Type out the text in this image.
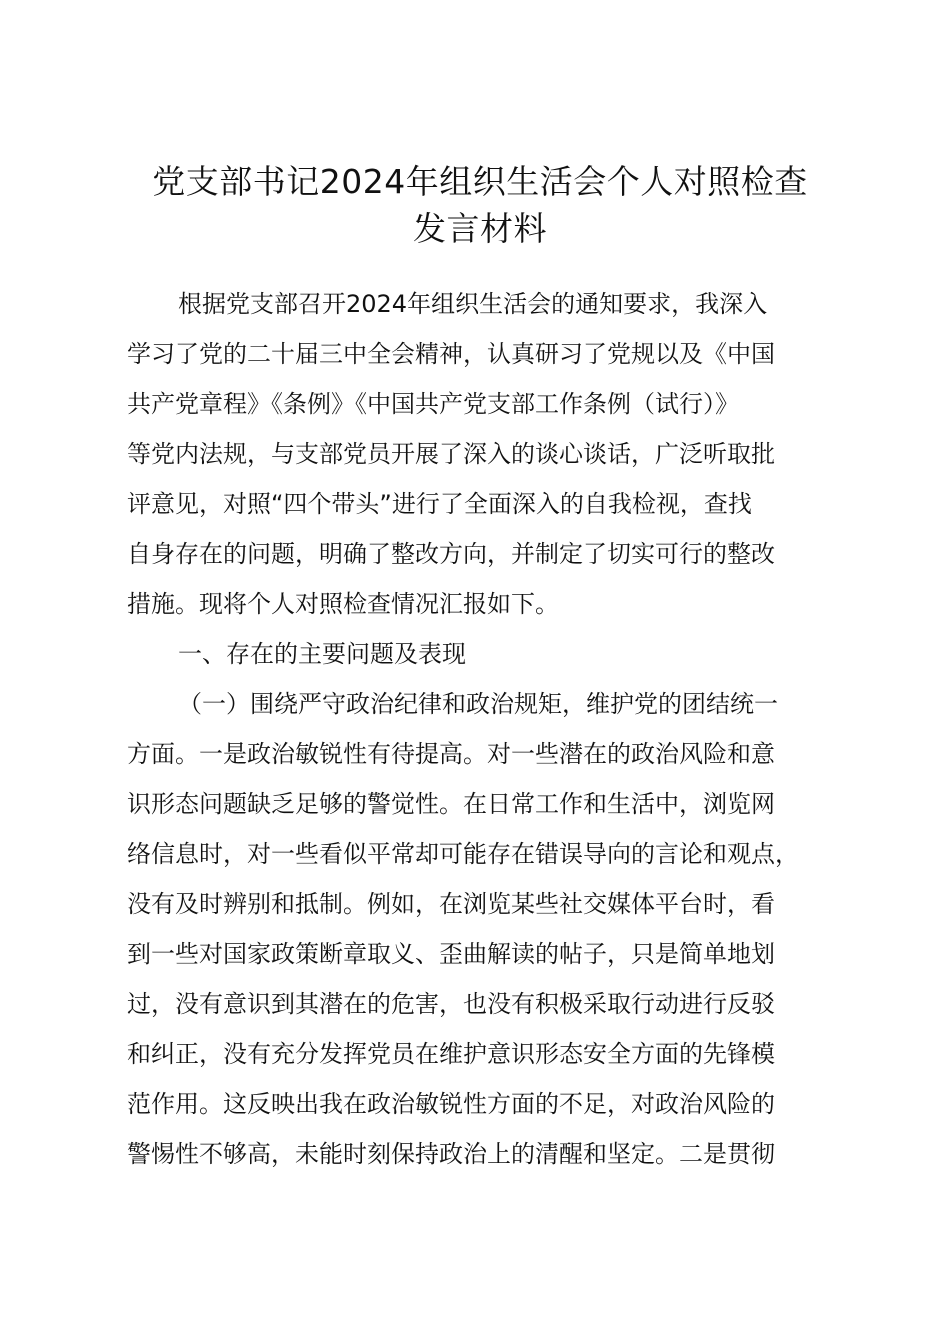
党支部书记2024年组织生活会个人对照检查
发言材料
根据党支部召开2024年组织生活会的通知要求，我深入
学习了党的二十届三中全会精神，认真研习了党规以及《中国
共产党章程》《条例》《中国共产党支部工作条例（试行）》
等党内法规，与支部党员开展了深入的谈心谈话，广泛听取批
评意见，对照“四个带头”进行了全面深入的自我检视，查找
自身存在的问题，明确了整改方向，并制定了切实可行的整改
措施。现将个人对照检查情况汇报如下。
一、存在的主要问题及表现
（一）围绕严守政治纪律和政治规矩，维护党的团结统一
方面。一是政治敏锐性有待提高。对一些潜在的政治风险和意
识形态问题缺乏足够的警觉性。在日常工作和生活中，浏览网
络信息时，对一些看似平常却可能存在错误导向的言论和观点，
没有及时辨别和抵制。例如，在浏览某些社交媒体平台时，看
到一些对国家政策断章取义、歪曲解读的帖子，只是简单地划
过，没有意识到其潜在的危害，也没有积极采取行动进行反驳
和纠正，没有充分发挥党员在维护意识形态安全方面的先锋模
范作用。这反映出我在政治敏锐性方面的不足，对政治风险的
警惕性不够高，未能时刻保持政治上的清醒和坚定。二是贯彻
